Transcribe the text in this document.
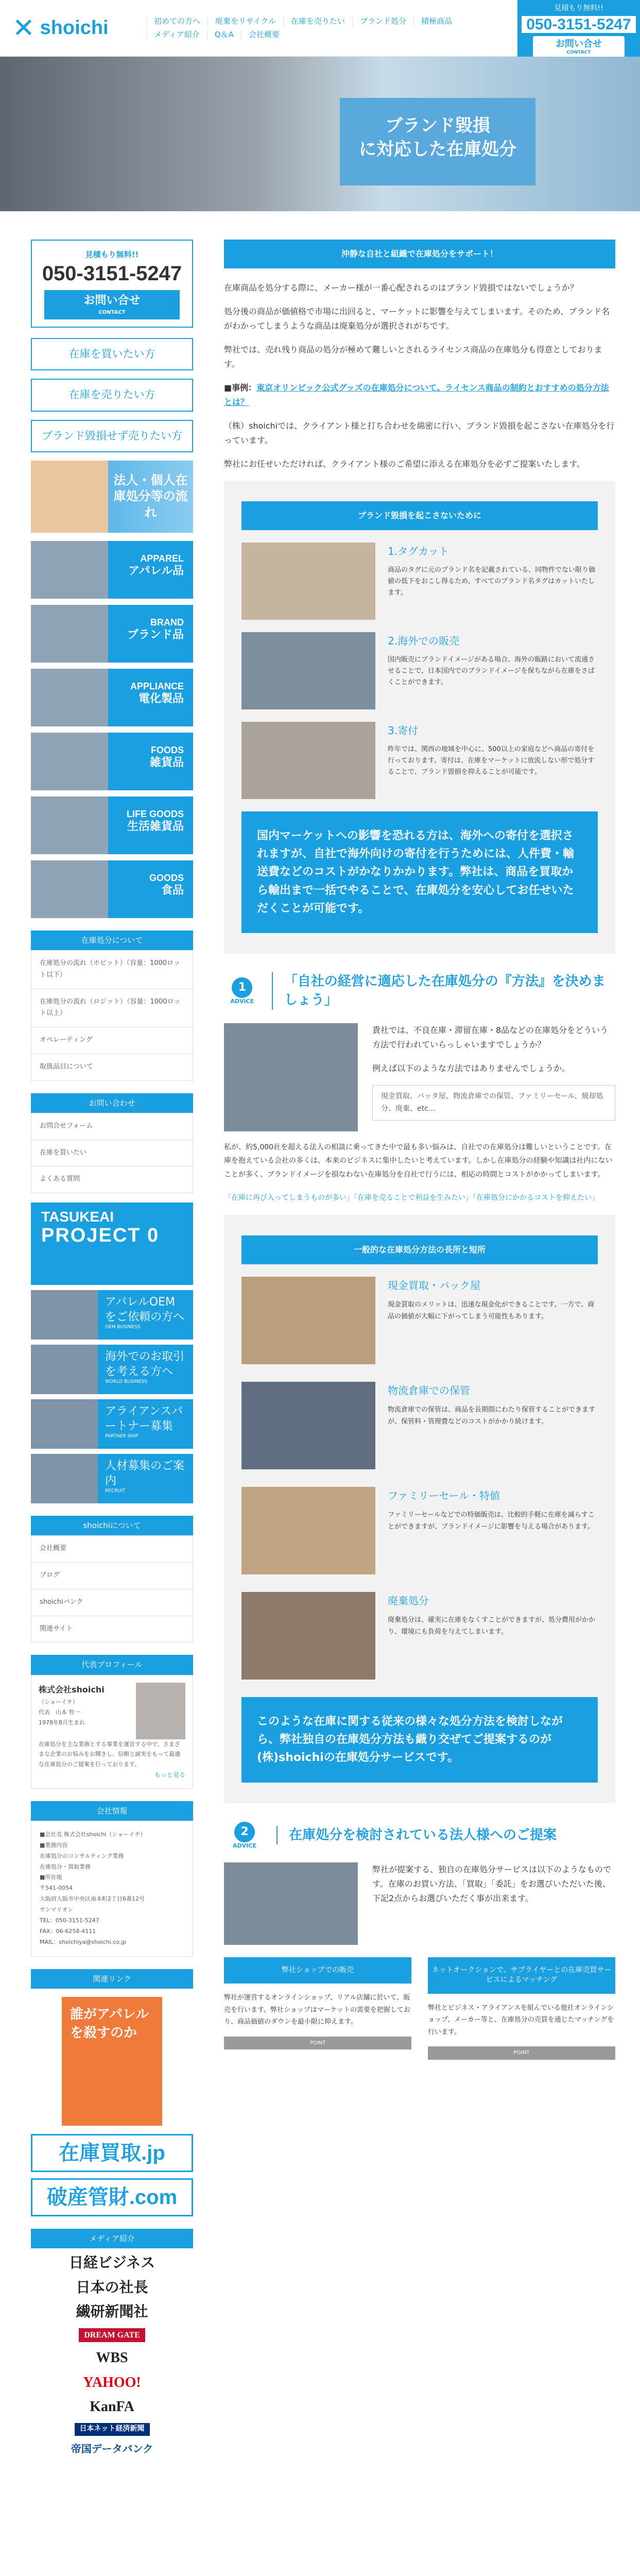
✕ shoichi	初めての方へ	廃棄をリサイクル	在庫を売りたい	ブランド処分	積極商品
メディア紹介	Q＆A	会社概要
見積もり無料!!
050-3151-5247
お問い合せ
CONTACT
ブランド毀損
に対応した在庫処分
見積もり無料!!
050-3151-5247
お問い合せ
CONTACT
在庫を買いたい方
在庫を売りたい方
ブランド毀損せず売りたい方
法人・個人在庫処分等の流れ
APPAREL
アパレル品
BRAND
ブランド品
APPLIANCE
電化製品
FOODS
雑貨品
LIFE GOODS
生活雑貨品
GOODS
食品
在庫処分について
在庫処分の流れ（ホビット）（容量：1000ロット以下）
在庫処分の流れ（ロジット）（容量：1000ロット以上）
オペレーティング
取扱品目について
お問い合わせ
お問合せフォーム
在庫を買いたい
よくある質問
TASUKEAI
PROJECT 0
アパレルOEMをご依頼の方へ
OEM BUSINESS
海外でのお取引を考える方へ
WORLD BUSINESS
アライアンスパートナー募集
PARTNER SHIP
人材募集のご案内
RECRUIT
shoichiについて
会社概要
ブログ
shoichiバンク
関連サイト
代表プロフィール
株式会社shoichi
（ショーイチ）
代表　山本 哲一
1978年8月生まれ
在庫処分を主な業務とする事業を運営する中で、さまざまな企業のお悩みをお聞きし、信頼と誠実をもって最適な在庫処分のご提案を行っております。
もっと見る
会社情報
■会社名 株式会社shoichi（ショーイチ）
■業務内容
在庫処分のコンサルティング業務
在庫処分・買取業務
■所在地
〒541-0054
大阪府大阪市中央区南本町2丁目6番12号
サンマリオン
TEL：050-3151-5247
FAX：06-6258-4111
MAIL：shoichiya@shoichi.co.jp
関連リンク
誰がアパレルを殺すのか
在庫買取.jp
破産管財.com
メディア紹介
日経ビジネス
日本の社長
繊研新聞社
DREAM GATE
WBS
YAHOO!
KanFA
日本ネット経済新聞
帝国データバンク
沖静な自社と組織で在庫処分をサポート！

在庫商品を処分する際に、メーカー様が一番心配されるのはブランド毀損ではないでしょうか？

処分後の商品が価値格で市場に出回ると、マーケットに影響を与えてしまいます。そのため、ブランド名がわかってしまうような商品は廃棄処分が選択されがちです。

弊社では、売れ残り商品の処分が極めて難しいとされるライセンス商品の在庫処分も得意としております。

■事例：東京オリンピック公式グッズの在庫処分について。ライセンス商品の制約とおすすめの処分方法とは？

（株）shoichiでは、クライアント様と打ち合わせを綿密に行い、ブランド毀損を起こさない在庫処分を行っています。

弊社にお任せいただければ、クライアント様のご希望に添える在庫処分を必ずご提案いたします。

ブランド毀損を起こさないために
1.タグカット
商品のタグに元のブランド名を記載されている、同物件でない限り価値の低下をおこし得るため、すべてのブランド名タグはカットいたします。
2.海外での販売
国内販売にブランドイメージがある場合、海外の販路において流通させることで、日本国内でのブランドイメージを保ちながら在庫をさばくことができます。
3.寄付
昨年では、関西の地域を中心に、500以上の家庭などへ商品の寄付を行っております。寄付は、在庫をマーケットに放流しない形で処分することで、ブランド毀損を抑えることが可能です。
国内マーケットへの影響を恐れる方は、海外への寄付を選択されますが、自社で海外向けの寄付を行うためには、人件費・輸送費などのコストがかなりかかります。弊社は、商品を買取から輸出まで一括でやることで、在庫処分を安心してお任せいただくことが可能です。
1
ADVICE
「自社の経営に適応した在庫処分の『方法』を決めましょう」

貴社では、不良在庫・滞留在庫・8品などの在庫処分をどういう方法で行われていらっしゃいますでしょうか？

例えば以下のような方法ではありませんでしょうか。

現金買取、バッタ屋、物流倉庫での保管、ファミリーセール、焼却処分、廃棄、etc…

私が、約5,000社を超える法人の相談に乗ってきた中で最も多い悩みは、自社での在庫処分は難しいということです。在庫を抱えている会社の多くは、本来のビジネスに集中したいと考えています。しかし在庫処分の経験や知識は社内にないことが多く、ブランドイメージを損なわない在庫処分を自社で行うには、相応の時間とコストがかかってしまいます。

「在庫に再び入ってしまうものが多い」「在庫を売ることで利益を生みたい」「在庫処分にかかるコストを抑えたい」

一般的な在庫処分方法の長所と短所
現金買取・バック屋
現金買取のメリットは、迅速な現金化ができることです。一方で、商品の価値が大幅に下がってしまう可能性もあります。
物流倉庫での保管
物流倉庫での保管は、商品を長期間にわたり保管することができますが、保管料・管理費などのコストがかかり続けます。
ファミリーセール・特値
ファミリーセールなどでの特価販売は、比較的手軽に在庫を減らすことができますが、ブランドイメージに影響を与える場合があります。
廃棄処分
廃棄処分は、確実に在庫をなくすことができますが、処分費用がかかり、環境にも負荷を与えてしまいます。
このような在庫に関する従来の様々な処分方法を検討しながら、弊社独自の在庫処分方法も織り交ぜてご提案するのが(株)shoichiの在庫処分サービスです。
2
ADVICE
在庫処分を検討されている法人様へのご提案

弊社が提案する、独自の在庫処分サービスは以下のようなものです。在庫のお買い方法、「買取」「委託」をお選びいただいた後、下記2点からお選びいただく事が出来ます。

弊社ショップでの販売
弊社が運営するオンラインショップ、リアル店舗に於いて、販売を行います。弊社ショップはマーケットの需要を把握しており、商品価値のダウンを最小限に抑えます。
POINT
ネットオークションで、サプライヤーとの在庫売買サービスによるマッチング
弊社とビジネス・アライアンスを組んでいる他社オンラインショップ、メーカー等と、在庫処分の売買を通じたマッチングを行います。
POINT
